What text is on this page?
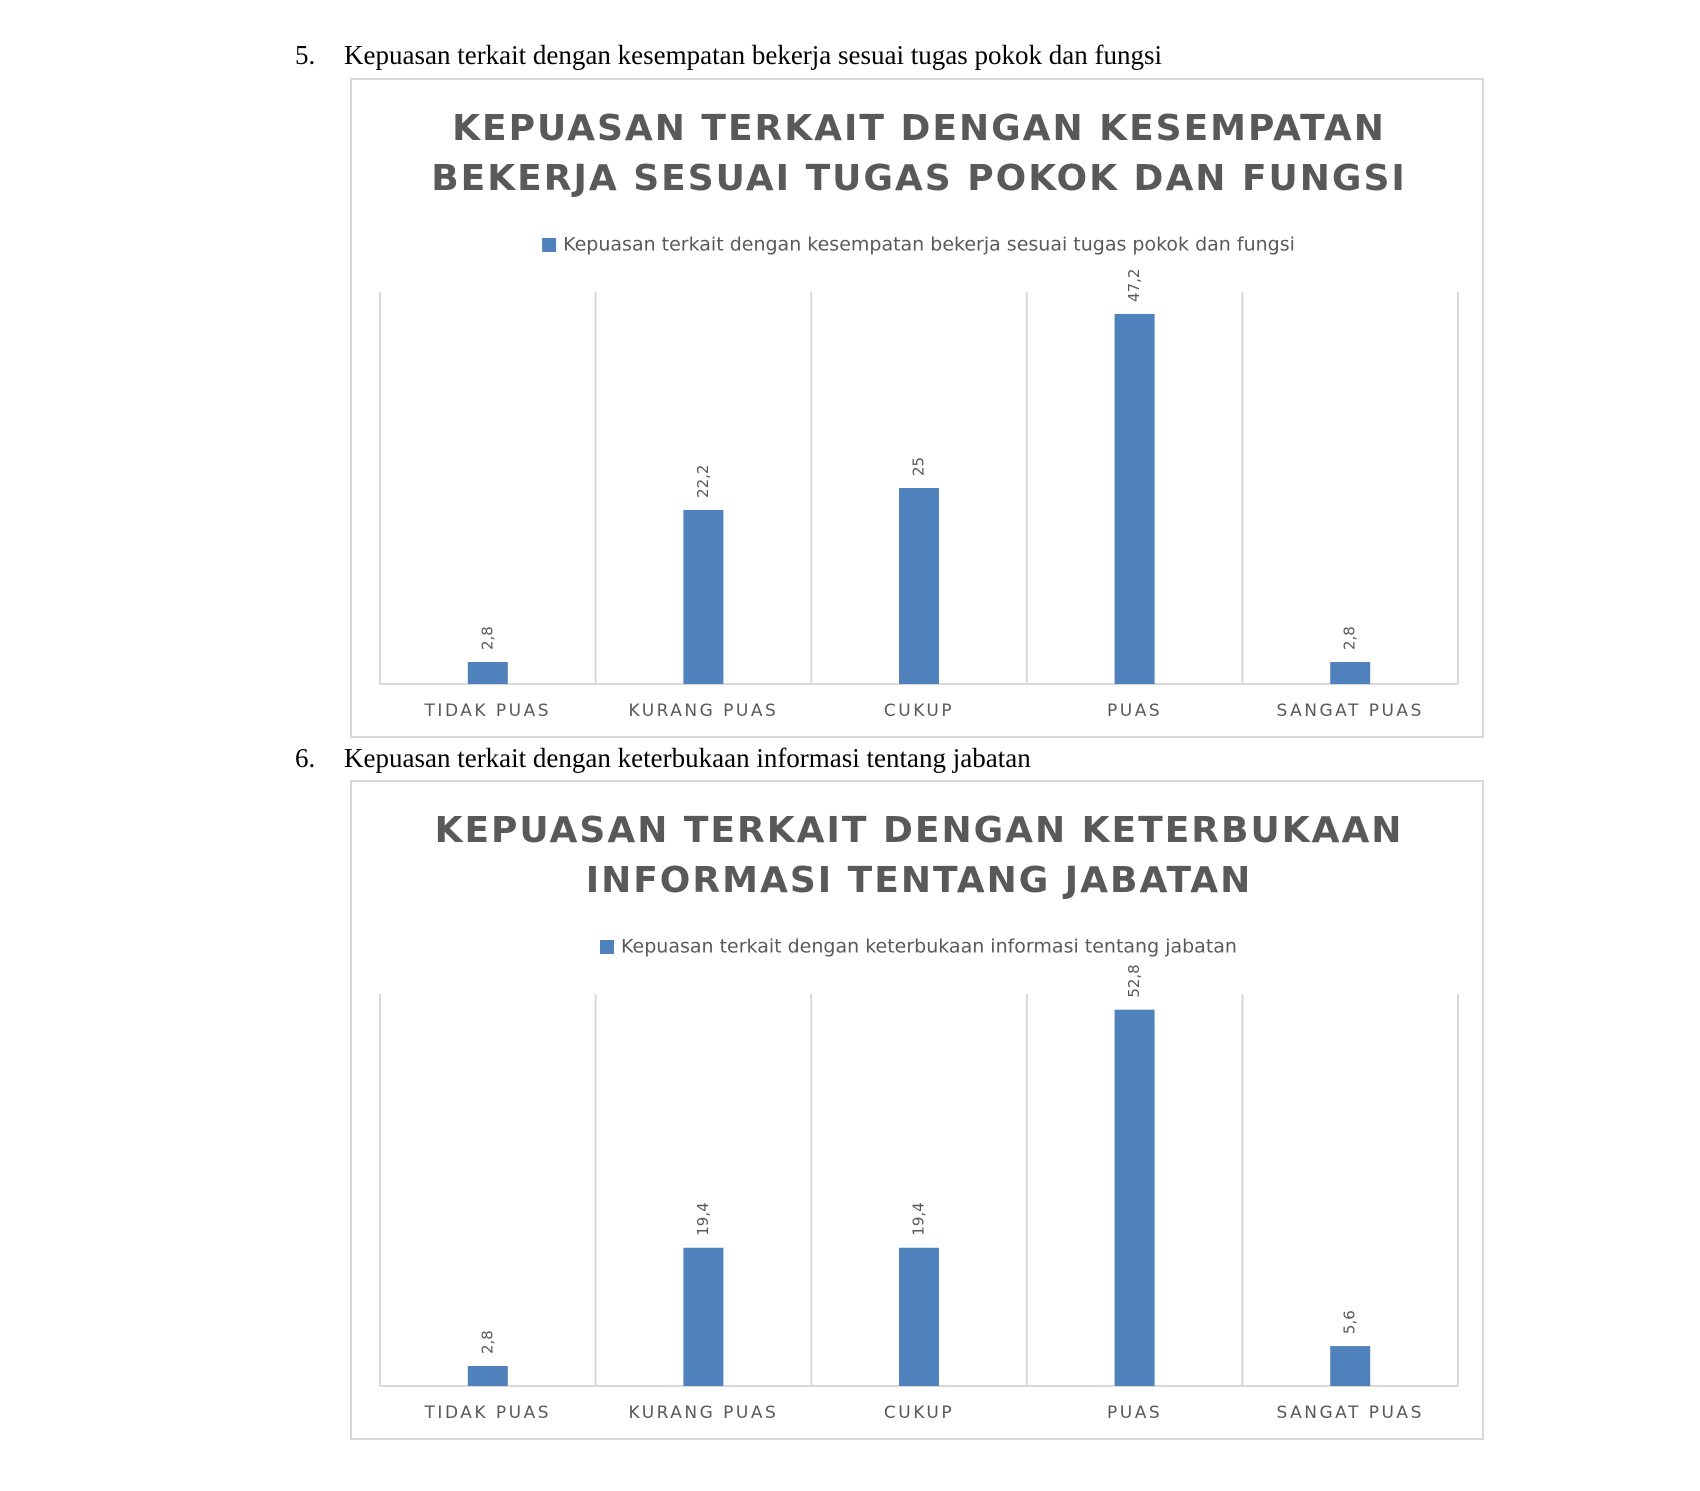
5. Kepuasan terkait dengan kesempatan bekerja sesuai tugas pokok dan fungsi
KEPUASAN TERKAIT DENGAN KESEMPATAN
BEKERJA SESUAI TUGAS POKOK DAN FUNGSI
Kepuasan terkait dengan kesempatan bekerja sesuai tugas pokok dan fungsi
2,8
TIDAK PUAS
22,2
KURANG PUAS
25
CUKUP
47,2
PUAS
2,8
SANGAT PUAS
6. Kepuasan terkait dengan keterbukaan informasi tentang jabatan
KEPUASAN TERKAIT DENGAN KETERBUKAAN
INFORMASI TENTANG JABATAN
Kepuasan terkait dengan keterbukaan informasi tentang jabatan
2,8
TIDAK PUAS
19,4
KURANG PUAS
19,4
CUKUP
52,8
PUAS
5,6
SANGAT PUAS
